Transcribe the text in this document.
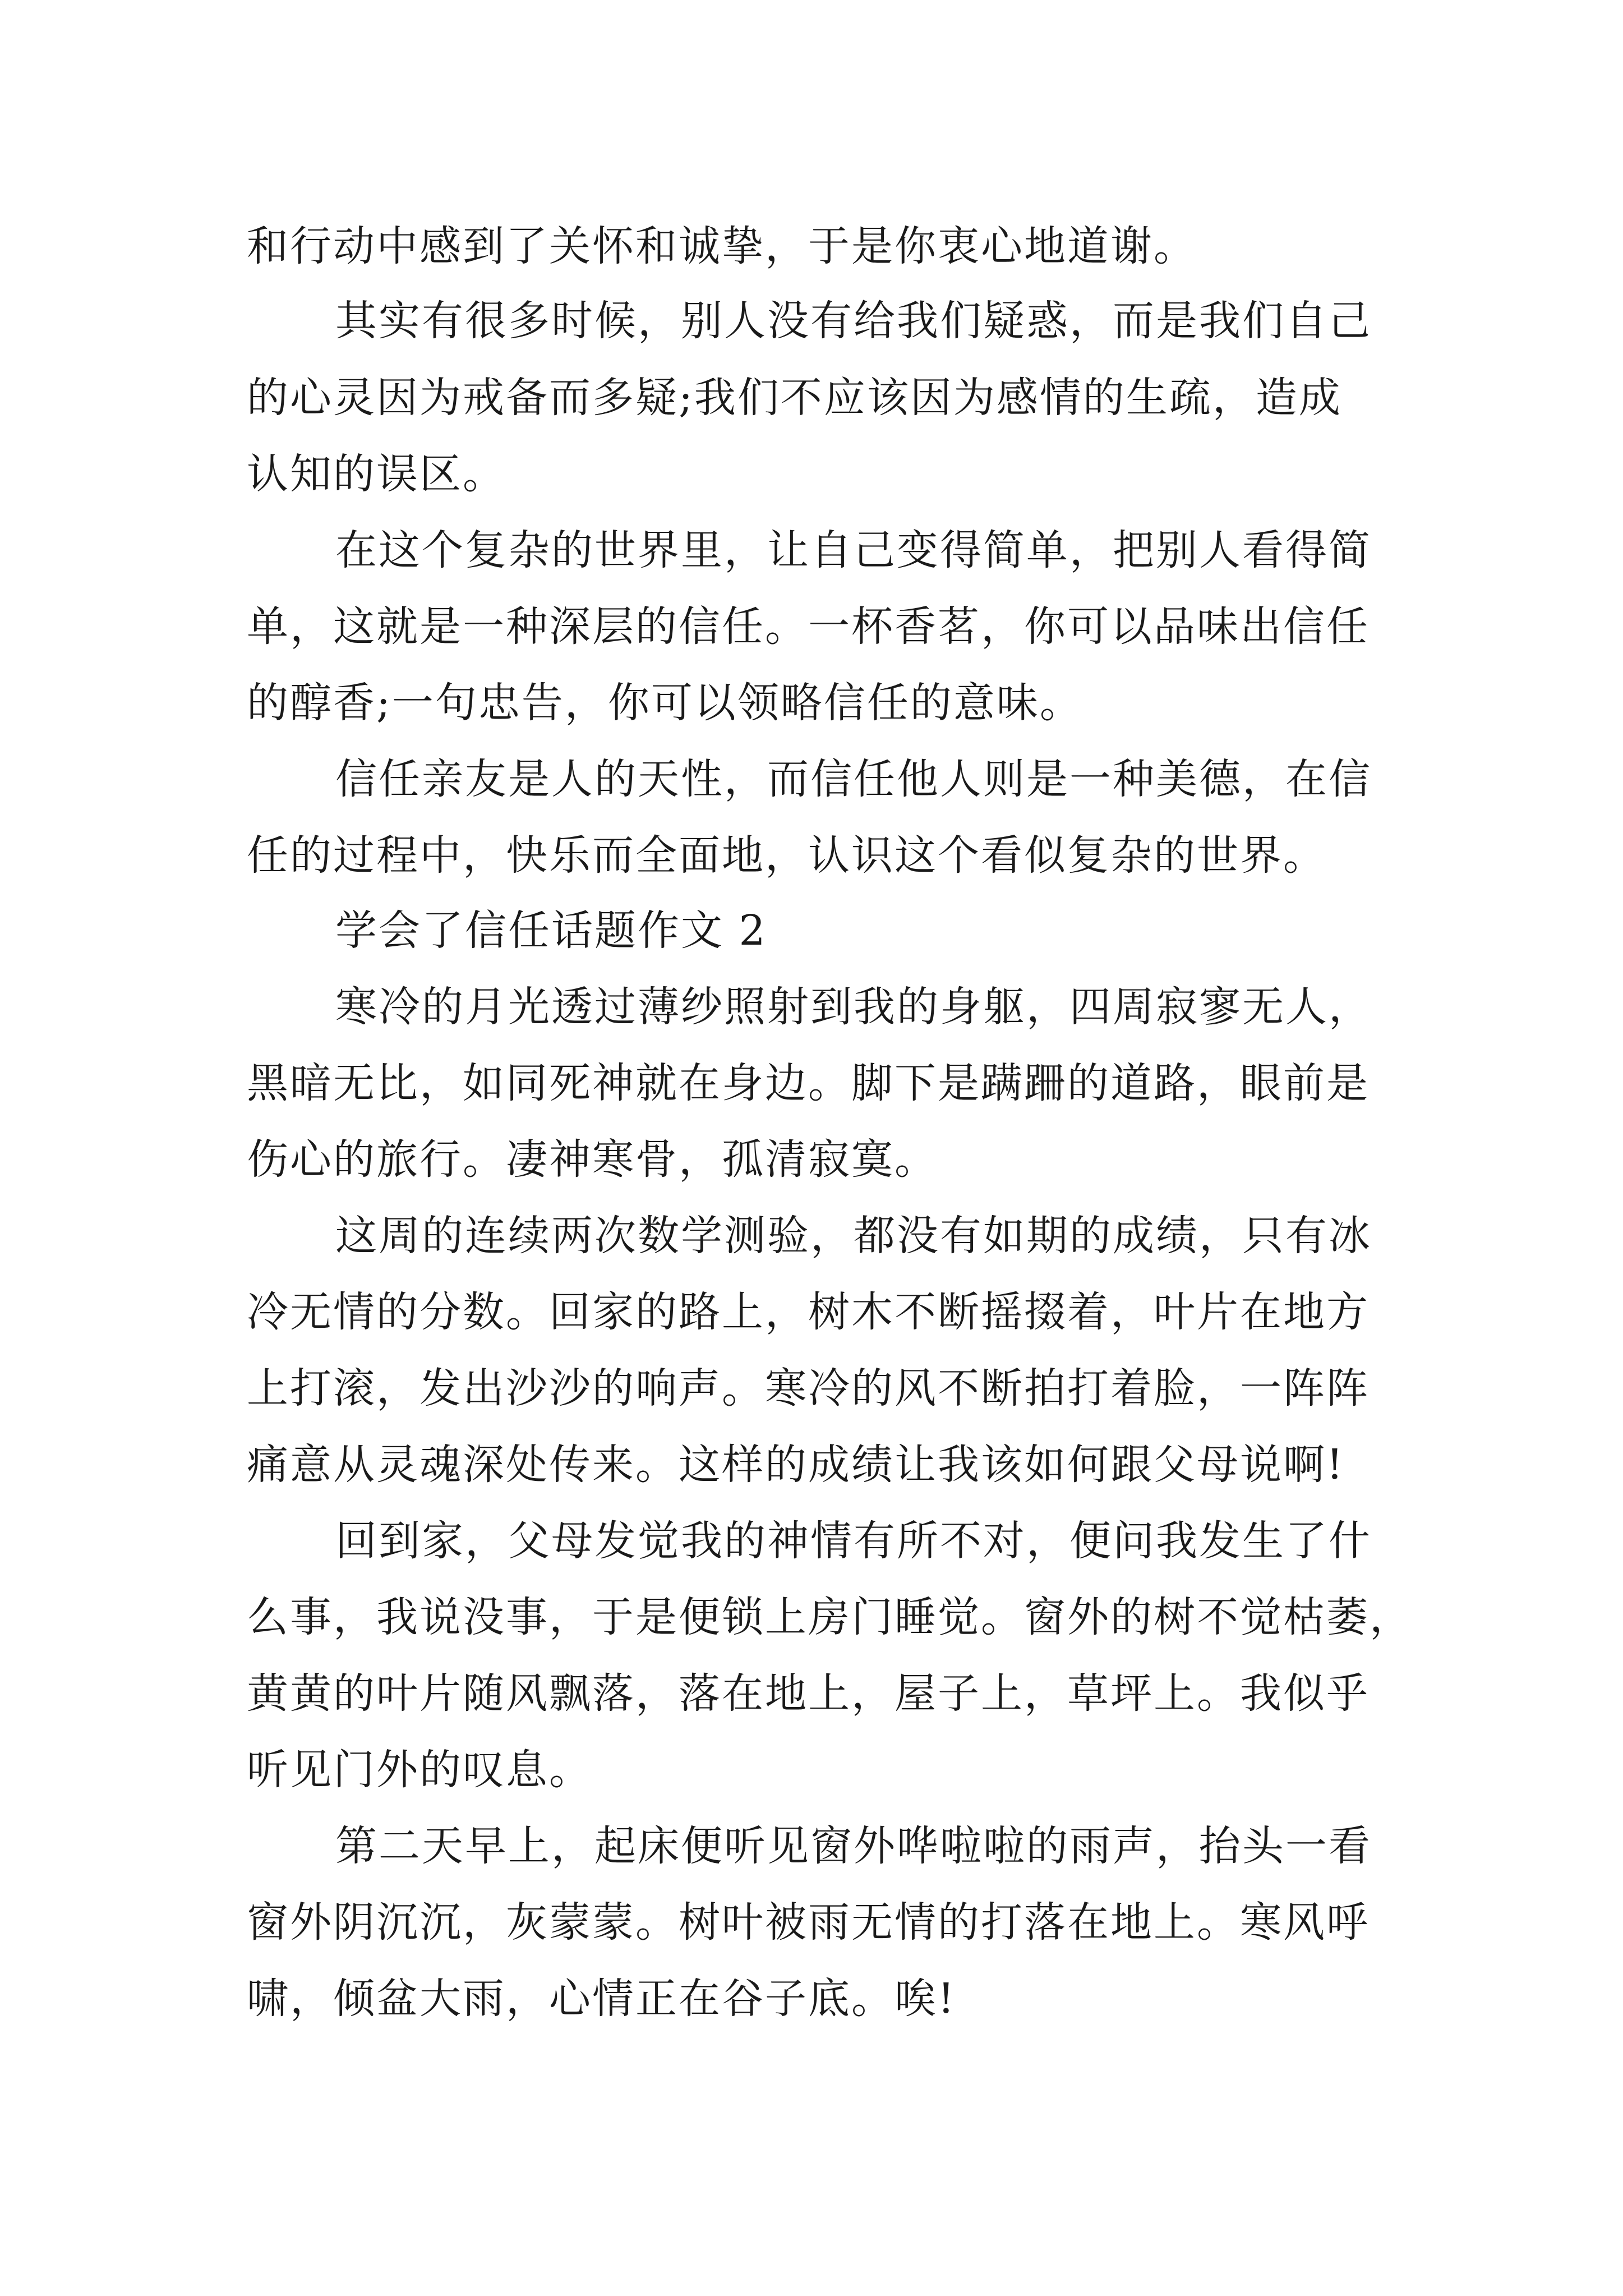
和行动中感到了关怀和诚挚，于是你衷心地道谢。

其实有很多时候，别人没有给我们疑惑，而是我们自己

的心灵因为戒备而多疑;我们不应该因为感情的生疏，造成

认知的误区。

在这个复杂的世界里，让自己变得简单，把别人看得简

单，这就是一种深层的信任。一杯香茗，你可以品味出信任

的醇香;一句忠告，你可以领略信任的意味。

信任亲友是人的天性，而信任他人则是一种美德，在信

任的过程中，快乐而全面地，认识这个看似复杂的世界。

学会了信任话题作文 2

寒冷的月光透过薄纱照射到我的身躯，四周寂寥无人，

黑暗无比，如同死神就在身边。脚下是蹒跚的道路，眼前是

伤心的旅行。凄神寒骨，孤清寂寞。

这周的连续两次数学测验，都没有如期的成绩，只有冰

冷无情的分数。回家的路上，树木不断摇掇着，叶片在地方

上打滚，发出沙沙的响声。寒冷的风不断拍打着脸，一阵阵

痛意从灵魂深处传来。这样的成绩让我该如何跟父母说啊!

回到家，父母发觉我的神情有所不对，便问我发生了什

么事，我说没事，于是便锁上房门睡觉。窗外的树不觉枯萎，

黄黄的叶片随风飘落，落在地上，屋子上，草坪上。我似乎

听见门外的叹息。

第二天早上，起床便听见窗外哗啦啦的雨声，抬头一看

窗外阴沉沉，灰蒙蒙。树叶被雨无情的打落在地上。寒风呼

啸，倾盆大雨，心情正在谷子底。唉!
